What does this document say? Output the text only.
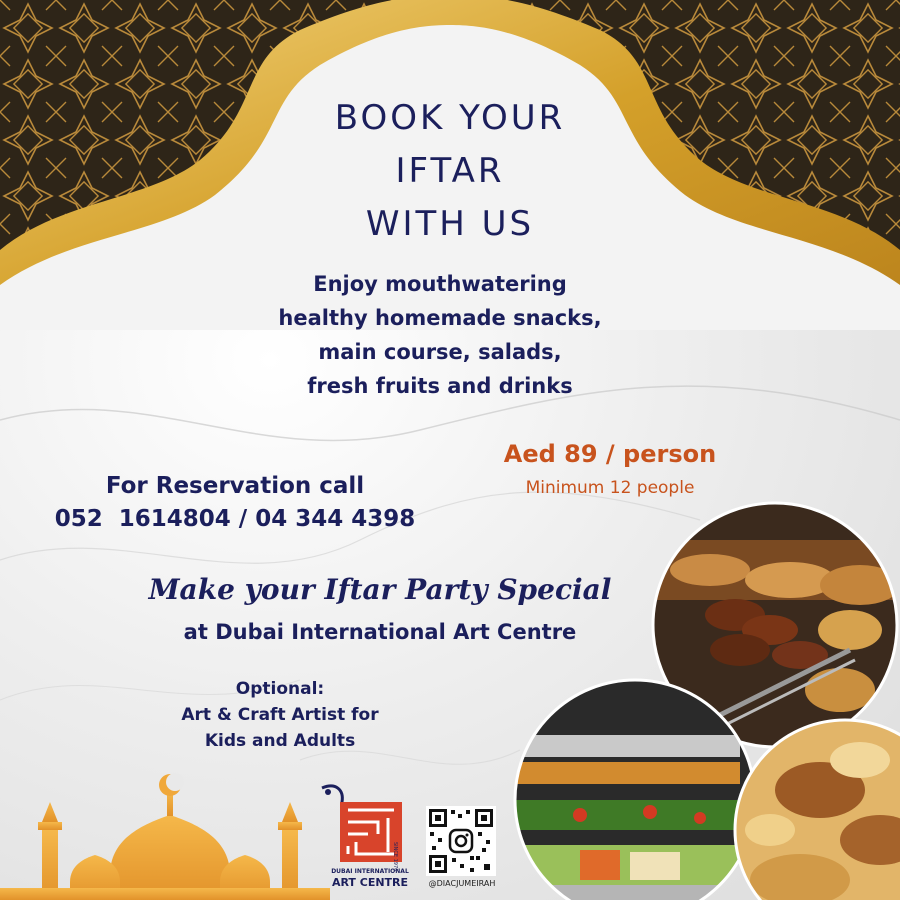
BOOK YOUR
IFTAR
WITH US
Enjoy mouthwatering
healthy homemade snacks,
main course, salads,
fresh fruits and drinks
Aed 89 / person
Minimum 12 people
For Reservation call
052  1614804 / 04 344 4398
Make your Iftar Party Special
at Dubai International Art Centre
Optional:
Art & Craft Artist for
Kids and Adults
DUBAI INTERNATIONAL
ART CENTRE
SINCE 1976
@DIACJUMEIRAH
